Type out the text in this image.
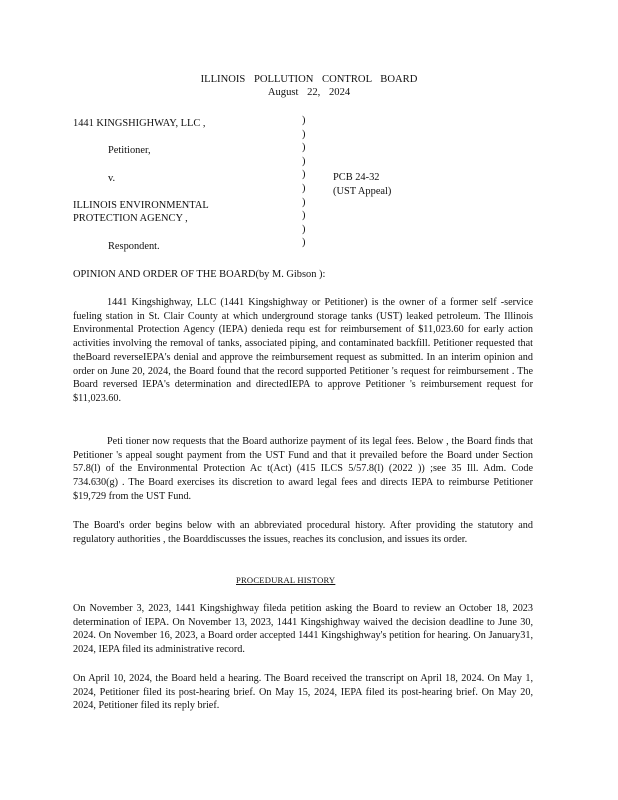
ILLINOIS POLLUTION CONTROL BOARD
August 22, 2024
1441 KINGSHIGHWAY, LLC ,
Petitioner,
v.
ILLINOIS ENVIRONMENTAL
PROTECTION AGENCY ,
Respondent.
)
)
)
)
)
)
)
)
)
)
PCB 24-32
(UST Appeal)
OPINION AND ORDER OF THE BOARD(by M. Gibson ):
1441 Kingshighway, LLC (1441 Kingshighway or Petitioner) is the owner of a former self -service fueling station in St. Clair County at which underground storage tanks (UST) leaked petroleum. The Illinois Environmental Protection Agency (IEPA) denieda requ est for reimbursement of $11,023.60 for early action activities involving the removal of tanks, associated piping, and contaminated backfill. Petitioner requested that theBoard reverseIEPA's denial and approve the reimbursement request as submitted. In an interim opinion and order on June 20, 2024, the Board found that the record supported Petitioner 's request for reimbursement . The Board reversed IEPA's determination and directedIEPA to approve Petitioner 's reimbursement request for $11,023.60.
Peti tioner now requests that the Board authorize payment of its legal fees. Below , the Board finds that Petitioner 's appeal sought payment from the UST Fund and that it prevailed before the Board under Section 57.8(l) of the Environmental Protection Ac t(Act) (415 ILCS 5/57.8(l) (2022 )) ;see 35 Ill. Adm. Code 734.630(g) . The Board exercises its discretion to award legal fees and directs IEPA to reimburse Petitioner $19,729 from the UST Fund.
The Board's order begins below with an abbreviated procedural history. After providing the statutory and regulatory authorities , the Boarddiscusses the issues, reaches its conclusion, and issues its order.
PROCEDURAL HISTORY
On November 3, 2023, 1441 Kingshighway fileda petition asking the Board to review an October 18, 2023 determination of IEPA. On November 13, 2023, 1441 Kingshighway waived the decision deadline to June 30, 2024. On November 16, 2023, a Board order accepted 1441 Kingshighway's petition for hearing. On January31, 2024, IEPA filed its administrative record.
On April 10, 2024, the Board held a hearing. The Board received the transcript on April 18, 2024. On May 1, 2024, Petitioner filed its post-hearing brief. On May 15, 2024, IEPA filed its post-hearing brief. On May 20, 2024, Petitioner filed its reply brief.
